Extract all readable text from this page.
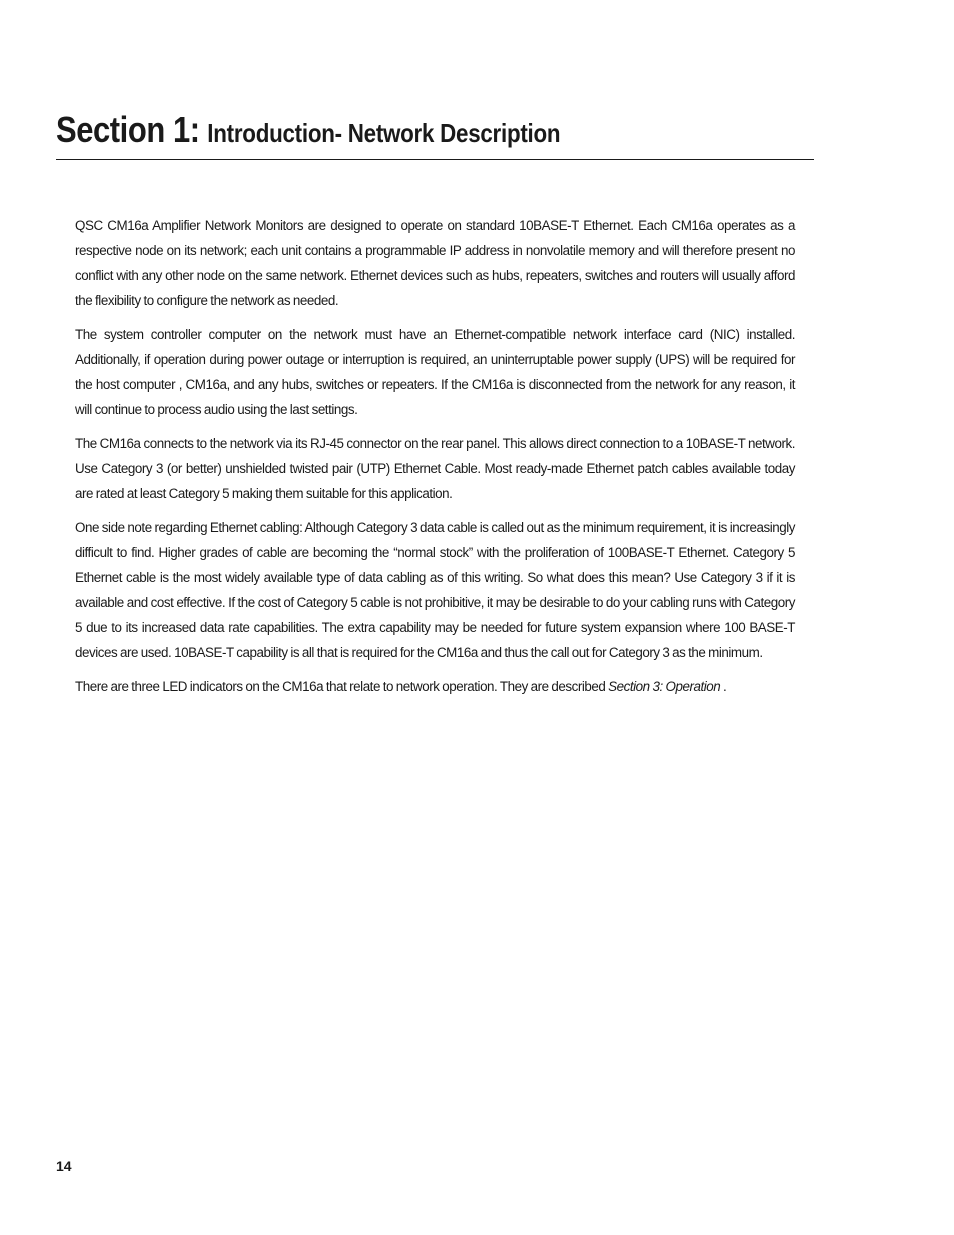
Section 1: Introduction- Network Description

QSC CM16a Amplifier Network Monitors are designed to operate on standard 10BASE-T Ethernet. Each CM16a operates as a respective node on its network; each unit contains a programmable IP address in nonvolatile memory and will therefore present no conflict with any other node on the same network. Ethernet devices such as hubs, repeaters, switches and routers will usually afford the flexibility to configure the network as needed.

The system controller computer on the network must have an Ethernet-compatible network interface card (NIC) installed. Additionally, if operation during power outage or interruption is required, an uninterruptable power supply (UPS) will be required for the host computer , CM16a, and any hubs, switches or repeaters. If the CM16a is disconnected from the network for any reason, it will continue to process audio using the last settings.

The CM16a connects to the network via its RJ-45 connector on the rear panel. This allows direct connection to a 10BASE-T network. Use Category 3 (or better) unshielded twisted pair (UTP) Ethernet Cable. Most ready-made Ethernet patch cables available today are rated at least Category 5 making them suitable for this application.

One side note regarding Ethernet cabling: Although Category 3 data cable is called out as the minimum requirement, it is increasingly difficult to find. Higher grades of cable are becoming the “normal stock” with the proliferation of 100BASE-T Ethernet. Category 5 Ethernet cable is the most widely available type of data cabling as of this writing. So what does this mean? Use Category 3 if it is available and cost effective. If the cost of Category 5 cable is not prohibitive, it may be desirable to do your cabling runs with Category 5 due to its increased data rate capabilities. The extra capability may be needed for future system expansion where 100 BASE-T devices are used. 10BASE-T capability is all that is required for the CM16a and thus the call out for Category 3 as the minimum.

There are three LED indicators on the CM16a that relate to network operation. They are described Section 3: Operation .

14
